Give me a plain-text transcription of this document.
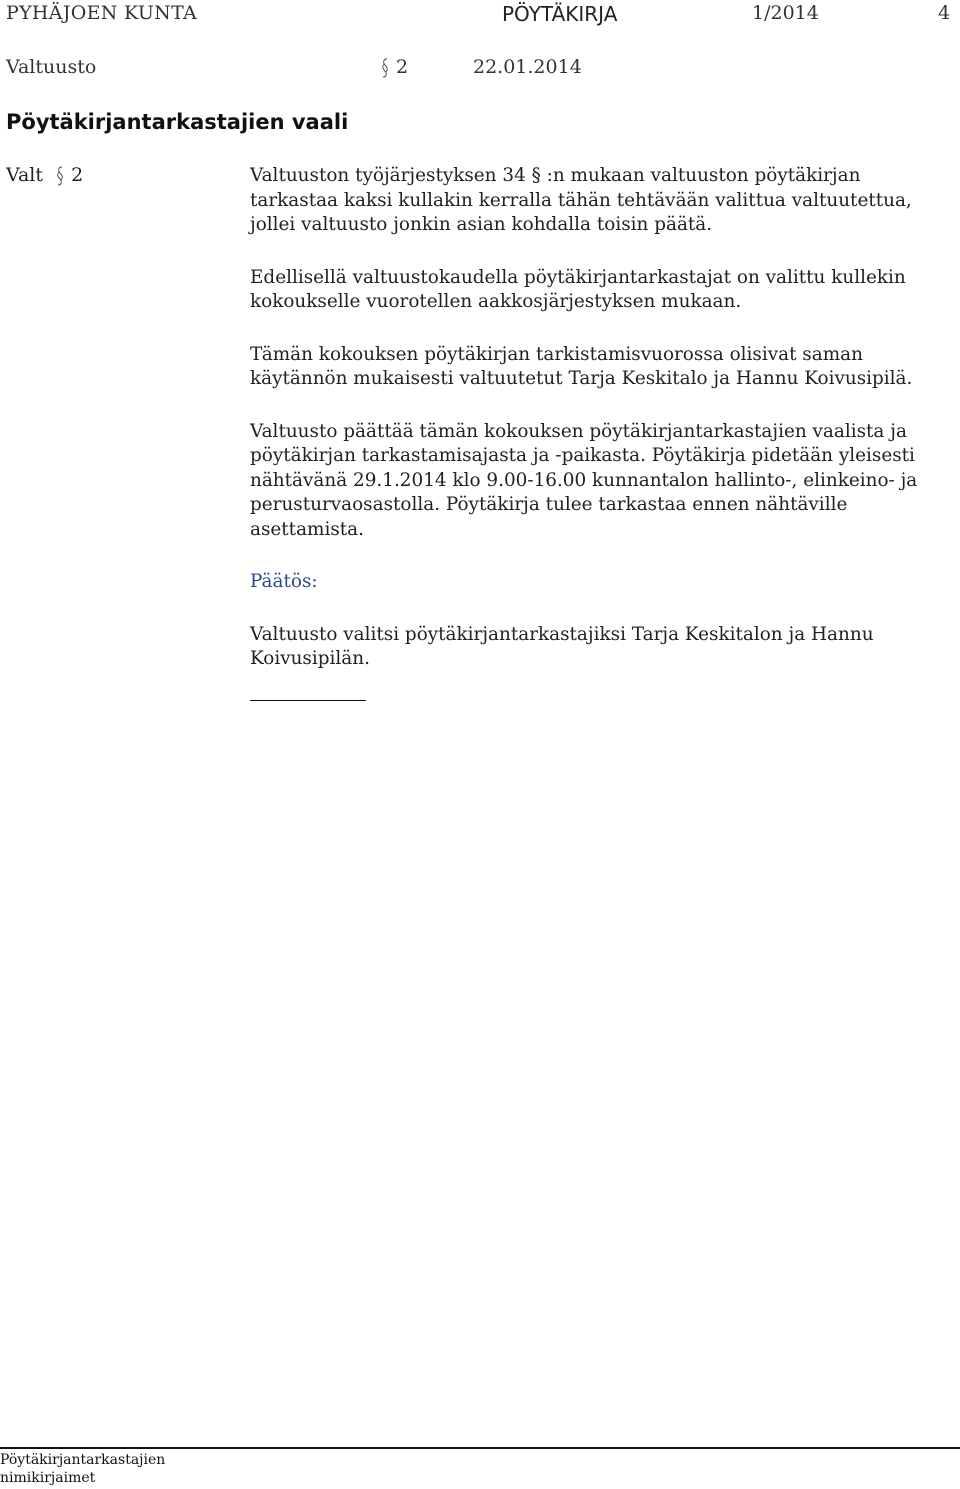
PYHÄJOEN KUNTA	PÖYTÄKIRJA	1/2014	4
Valtuusto	2	22.01.2014
Pöytäkirjantarkastajien vaali
Valt 2	Valtuuston työjärjestyksen 34 § :n mukaan valtuuston pöytäkirjan tarkastaa kaksi kullakin kerralla tähän tehtävään valittua valtuutettua, jollei valtuusto jonkin asian kohdalla toisin päätä.

Edellisellä valtuustokaudella pöytäkirjantarkastajat on valittu kullekin kokoukselle vuorotellen aakkosjärjestyksen mukaan.

Tämän kokouksen pöytäkirjan tarkistamisvuorossa olisivat saman käytännön mukaisesti valtuutetut Tarja Keskitalo ja Hannu Koivusipilä.

Valtuusto päättää tämän kokouksen pöytäkirjantarkastajien vaalista ja pöytäkirjan tarkastamisajasta ja -paikasta. Pöytäkirja pidetään yleisesti nähtävänä 29.1.2014 klo 9.00-16.00 kunnantalon hallinto-, elinkeino- ja perusturvaosastolla. Pöytäkirja tulee tarkastaa ennen nähtäville asettamista.

Päätös:

Valtuusto valitsi pöytäkirjantarkastajiksi Tarja Keskitalon ja Hannu Koivusipilän.

Pöytäkirjantarkastajien
nimikirjaimet
